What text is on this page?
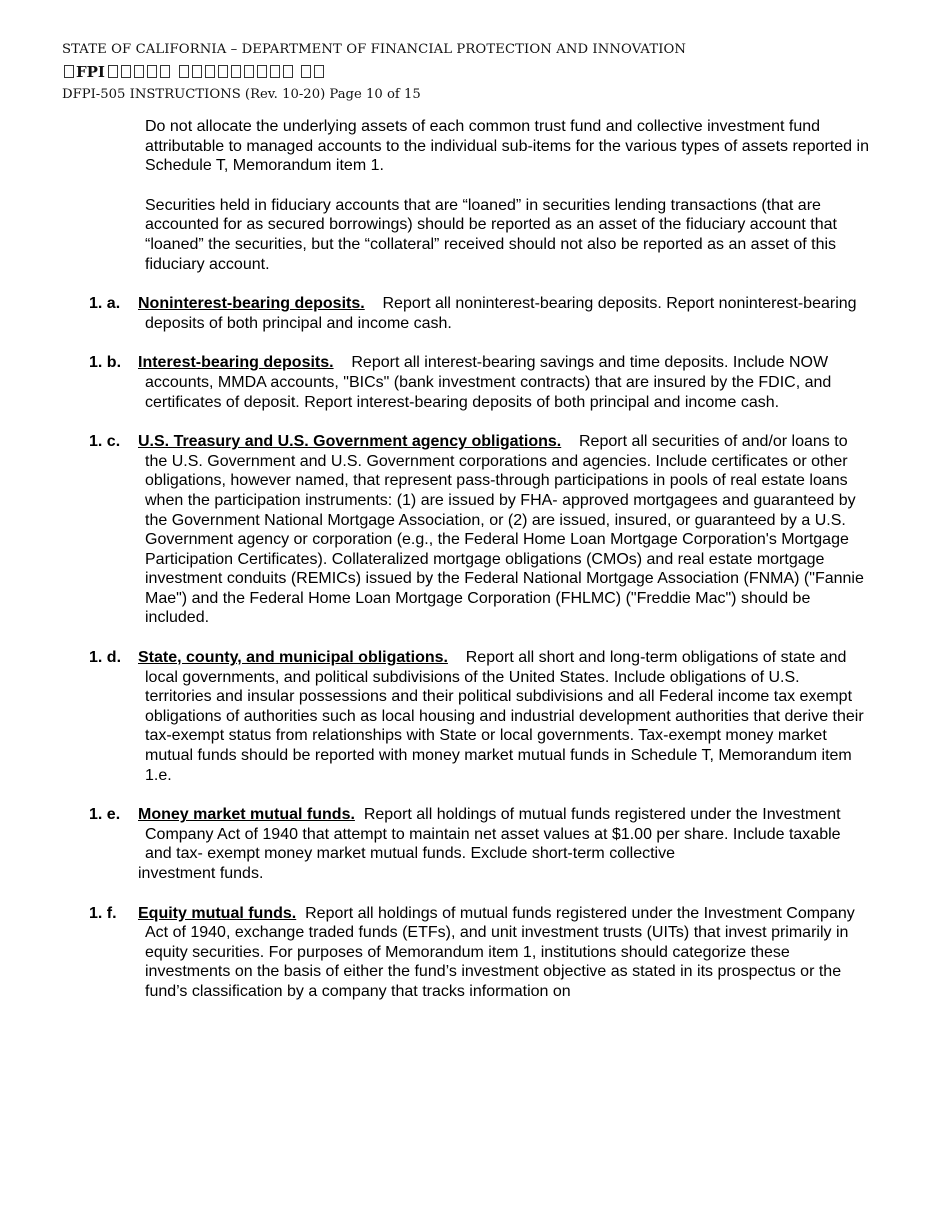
STATE OF CALIFORNIA – DEPARTMENT OF FINANCIAL PROTECTION AND INNOVATION
FPI
DFPI-505 INSTRUCTIONS (Rev. 10-20) Page 10 of 15

Do not allocate the underlying assets of each common trust fund and collective investment fund attributable to managed accounts to the individual sub-items for the various types of assets reported in Schedule T, Memorandum item 1.

Securities held in fiduciary accounts that are “loaned” in securities lending transactions (that are accounted for as secured borrowings) should be reported as an asset of the fiduciary account that “loaned” the securities, but the “collateral” received should not also be reported as an asset of this fiduciary account.

1. a. Noninterest-bearing deposits. Report all noninterest-bearing deposits. Report noninterest-bearing deposits of both principal and income cash.
1. b. Interest-bearing deposits. Report all interest-bearing savings and time deposits. Include NOW accounts, MMDA accounts, "BICs" (bank investment contracts) that are insured by the FDIC, and certificates of deposit. Report interest-bearing deposits of both principal and income cash.
1. c. U.S. Treasury and U.S. Government agency obligations. Report all securities of and/or loans to the U.S. Government and U.S. Government corporations and agencies. Include certificates or other obligations, however named, that represent pass-through participations in pools of real estate loans when the participation instruments: (1) are issued by FHA- approved mortgagees and guaranteed by the Government National Mortgage Association, or (2) are issued, insured, or guaranteed by a U.S. Government agency or corporation (e.g., the Federal Home Loan Mortgage Corporation's Mortgage Participation Certificates). Collateralized mortgage obligations (CMOs) and real estate mortgage investment conduits (REMICs) issued by the Federal National Mortgage Association (FNMA) ("Fannie Mae") and the Federal Home Loan Mortgage Corporation (FHLMC) ("Freddie Mac") should be included.
1. d. State, county, and municipal obligations. Report all short and long-term obligations of state and local governments, and political subdivisions of the United States. Include obligations of U.S. territories and insular possessions and their political subdivisions and all Federal income tax exempt obligations of authorities such as local housing and industrial development authorities that derive their tax-exempt status from relationships with State or local governments. Tax-exempt money market mutual funds should be reported with money market mutual funds in Schedule T, Memorandum item 1.e.
1. e. Money market mutual funds. Report all holdings of mutual funds registered under the Investment Company Act of 1940 that attempt to maintain net asset values at $1.00 per share. Include taxable and tax- exempt money market mutual funds. Exclude short-term collective
investment funds.
1. f. Equity mutual funds. Report all holdings of mutual funds registered under the Investment Company Act of 1940, exchange traded funds (ETFs), and unit investment trusts (UITs) that invest primarily in equity securities. For purposes of Memorandum item 1, institutions should categorize these investments on the basis of either the fund’s investment objective as stated in its prospectus or the fund’s classification by a company that tracks information on
